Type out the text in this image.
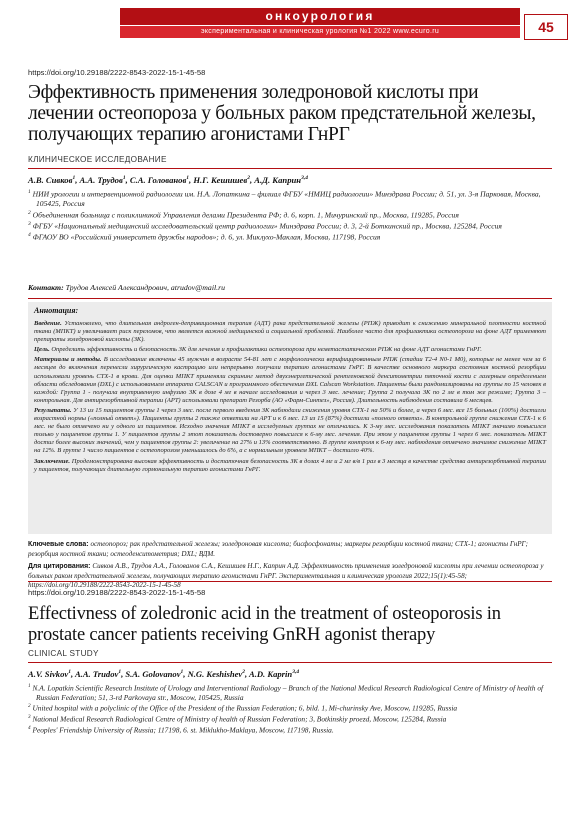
онкоурология
экспериментальная и клиническая урология №1 2022 www.ecuro.ru	45
https://doi.org/10.29188/2222-8543-2022-15-1-45-58
Эффективность применения золедроновой кислоты при лечении остеопороза у больных раком предстательной железы, получающих терапию агонистами ГнРГ
КЛИНИЧЕСКОЕ ИССЛЕДОВАНИЕ
А.В. Сивков$^1$, А.А. Трудов$^1$, С.А. Голованов$^1$, Н.Г. Кешишев$^2$, А.Д. Каприн$^{3,4}$
$^1$ НИИ урологии и интервенционной радиологии им. Н.А. Лопаткина – филиал ФГБУ «НМИЦ радиологии» Минздрава России; д. 51, ул. 3-я Парковая, Москва, 105425, Россия
$^2$ Объединенная больница с поликлиникой Управления делами Президента РФ; д. 6, корп. 1, Мичуринский пр., Москва, 119285, Россия
$^3$ ФГБУ «Национальный медицинский исследовательский центр радиологии» Минздрава России; д. 3, 2-й Боткинский пр., Москва, 125284, Россия
$^4$ ФГАОУ ВО «Российский университет дружбы народов»; д. 6, ул. Миклухо-Маклая, Москва, 117198, Россия
Контакт: Трудов Алексей Александрович, atrudov@mail.ru
Аннотация:

Введение. Установлено, что длительная андроген-депривационная терапия (АДТ) рака предстательной железы (РПЖ) приводит к снижению минеральной плотности костной ткани (МПКТ) и увеличивает риск переломов, что является важной медицинской и социальной проблемой. Наиболее часто для профилактики остеопороза на фоне АДТ применяют препараты золедроновой кислоты (ЗК).

Цель. Определить эффективность и безопасность ЗК для лечения и профилактики остеопороза при неметастатическом РПЖ на фоне АДТ агонистами ГнРГ.

Материалы и методы. В исследование включены 45 мужчин в возрасте 54-81 лет с морфологически верифицированным РПЖ (стадии Т2-4 N0-1 M0), которые не менее чем за 6 месяцев до включения перенесли хирургическую кастрацию или непрерывно получали терапию агонистами ГнРГ. В качестве основного маркера состояния костной резорбции использовали уровень СТХ-1 в крови. Для оценки МПКТ применяли скрининг метод двухэнергетической рентгеновской денситометрии пяточной кости с лазерным определением области обследования (DXL) с использованием аппарата CALSCAN и программного обеспечения DXL Calscan Workstation. Пациенты были рандомизированы на группы по 15 человек в каждой: Группа 1 - получала внутривенную инфузию ЗК в дозе 4 мг в начале исследования и через 3 мес. лечение; Группа 2 получала ЗК по 2 мг в том же режиме; Группа 3 – контрольная. Для антирезорбтивной терапии (АРТ) использовали препарат Резорба (АО «Фарм-Синтез», Россия). Длительность наблюдения составила 6 месяцев.

Результаты. У 13 из 15 пациентов группы 1 через 3 мес. после первого введения ЗК наблюдали снижения уровня СТХ-1 на 50% и более, а через 6 мес. все 15 больных (100%) достигли возрастной нормы («полный ответ»). Пациенты группы 2 также ответили на АРТ и к 6 мес. 13 из 15 (87%) достигли «полного ответа». В контрольной группе снижения СТХ-1 к 6 мес. не было отмечено ни у одного из пациентов. Исходно значения МПКТ в исследуемых группах не отличались. К 3-му мес. исследования показатель МПКТ значимо повысился только у пациентов группы 1. У пациентов группы 2 этот показатель достоверно повысился к 6-му мес. лечения. При этом у пациентов группы 1 через 6 мес. показатель МПКТ достиг более высоких значений, чем у пациентов группы 2: увеличение на 27% и 13% соответственно. В группе контроля к 6-му мес. наблюдения отмечено значимое снижение МПКТ на 12%. В группе 1 число пациентов с остеопорозом уменьшилось до 6%, а с нормальным уровнем МПКТ – достигло 40%.

Заключение. Продемонстрирована высокая эффективность и достаточная безопасность ЗК в дозах 4 мг и 2 мг в/в 1 раз в 3 месяца в качестве средства антирезорбтивной терапии у пациентов, получающих длительную гормональную терапию агонистами ГнРГ.

Ключевые слова: остеопороз; рак предстательной железы; золедроновая кислота; бисфосфонаты; маркеры резорбции костной ткани; СТХ-1; агонисты ГнРГ; резорбция костной ткани; остеоденситометрия; DXL; ВДМ.
Для цитирования: Сивков А.В., Трудов А.А., Голованов С.А., Кешишев Н.Г., Каприн А.Д. Эффективность применения золедроновой кислоты при лечении остеопороза у больных раком предстательной железы, получающих терапию агонистами ГнРГ. Экспериментальная и клиническая урология 2022;15(1):45-58; https://doi.org/10.29188/2222-8543-2022-15-1-45-58
https://doi.org/10.29188/2222-8543-2022-15-1-45-58
Effectivness of zoledronic acid in the treatment of osteoporosis in prostate cancer patients receiving GnRH agonist therapy
CLINICAL STUDY
A.V. Sivkov$^1$, A.A. Trudov$^1$, S.A. Golovanov$^1$, N.G. Keshishev$^2$, A.D. Kaprin$^{3,4}$
$^1$ N.A. Lopatkin Scientific Research Institute of Urology and Interventional Radiology – Branch of the National Medical Research Radiological Centre of Ministry of health of Russian Federation; 51, 3-rd Parkovaya str., Moscow, 105425, Russia
$^2$ United hospital with a polyclinic of the Office of the President of the Russian Federation; 6, bild. 1, Mi-churinsky Ave, Moscow, 119285, Russia
$^3$ National Medical Research Radiological Centre of Ministry of health of Russian Federation; 3, Botkinskiy proezd, Moscow, 125284, Russia
$^4$ Peoples' Friendship University of Russia; 117198, 6. st. Miklukho-Maklaya, Moscow, 117198, Russia.
